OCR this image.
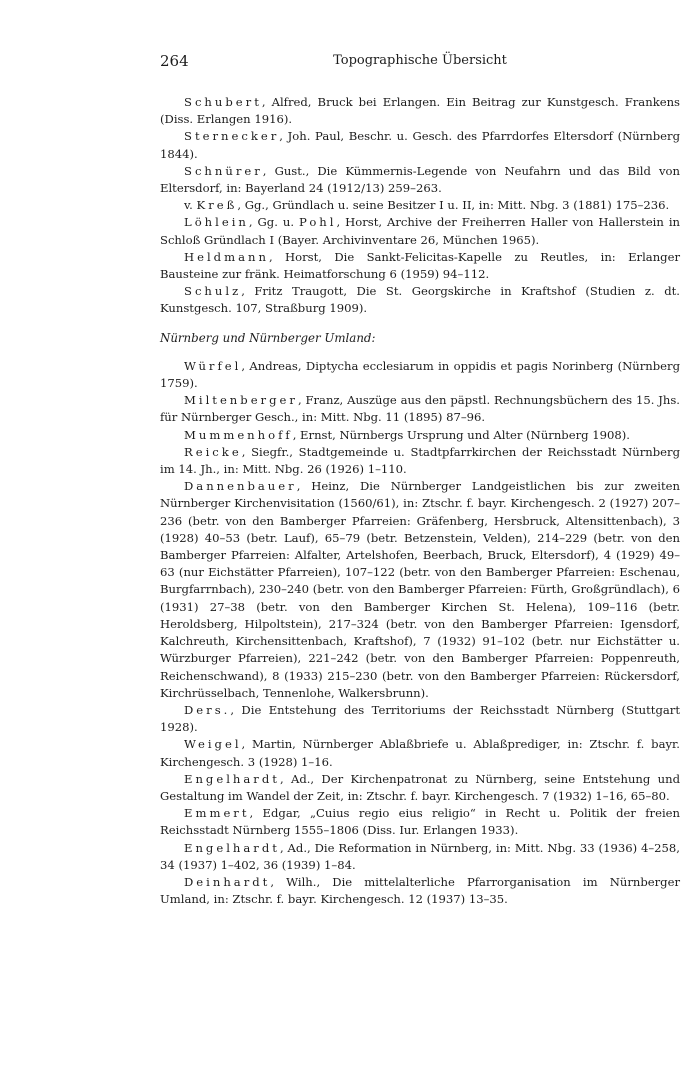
264	Topographische Übersicht

Schubert, Alfred, Bruck bei Erlangen. Ein Beitrag zur Kunstgesch. Frankens (Diss. Erlangen 1916).

Sternecker, Joh. Paul, Beschr. u. Gesch. des Pfarrdorfes Eltersdorf (Nürnberg 1844).

Schnürer, Gust., Die Kümmernis-Legende von Neufahrn und das Bild von Eltersdorf, in: Bayerland 24 (1912/13) 259–263.

v. Kreß, Gg., Gründlach u. seine Besitzer I u. II, in: Mitt. Nbg. 3 (1881) 175–236.

Löhlein, Gg. u. Pohl, Horst, Archive der Freiherren Haller von Hallerstein in Schloß Gründlach I (Bayer. Archivinventare 26, München 1965).

Heldmann, Horst, Die Sankt-Felicitas-Kapelle zu Reutles, in: Erlanger Bausteine zur fränk. Heimatforschung 6 (1959) 94–112.

Schulz, Fritz Traugott, Die St. Georgskirche in Kraftshof (Studien z. dt. Kunstgesch. 107, Straßburg 1909).

Nürnberg und Nürnberger Umland:

Würfel, Andreas, Diptycha ecclesiarum in oppidis et pagis Norinberg (Nürnberg 1759).

Miltenberger, Franz, Auszüge aus den päpstl. Rechnungsbüchern des 15. Jhs. für Nürnberger Gesch., in: Mitt. Nbg. 11 (1895) 87–96.

Mummenhoff, Ernst, Nürnbergs Ursprung und Alter (Nürnberg 1908).

Reicke, Siegfr., Stadtgemeinde u. Stadtpfarrkirchen der Reichsstadt Nürnberg im 14. Jh., in: Mitt. Nbg. 26 (1926) 1–110.

Dannenbauer, Heinz, Die Nürnberger Landgeistlichen bis zur zweiten Nürnberger Kirchenvisitation (1560/61), in: Ztschr. f. bayr. Kirchengesch. 2 (1927) 207–236 (betr. von den Bamberger Pfarreien: Gräfenberg, Hersbruck, Altensittenbach), 3 (1928) 40–53 (betr. Lauf), 65–79 (betr. Betzenstein, Velden), 214–229 (betr. von den Bamberger Pfarreien: Alfalter, Artelshofen, Beerbach, Bruck, Eltersdorf), 4 (1929) 49–63 (nur Eichstätter Pfarreien), 107–122 (betr. von den Bamberger Pfarreien: Eschenau, Burgfarrnbach), 230–240 (betr. von den Bamberger Pfarreien: Fürth, Großgründlach), 6 (1931) 27–38 (betr. von den Bamberger Kirchen St. Helena), 109–116 (betr. Heroldsberg, Hilpoltstein), 217–324 (betr. von den Bamberger Pfarreien: Igensdorf, Kalchreuth, Kirchensittenbach, Kraftshof), 7 (1932) 91–102 (betr. nur Eichstätter u. Würzburger Pfarreien), 221–242 (betr. von den Bamberger Pfarreien: Poppenreuth, Reichenschwand), 8 (1933) 215–230 (betr. von den Bamberger Pfarreien: Rückersdorf, Kirchrüsselbach, Tennenlohe, Walkersbrunn).

Ders., Die Entstehung des Territoriums der Reichsstadt Nürnberg (Stuttgart 1928).

Weigel, Martin, Nürnberger Ablaßbriefe u. Ablaßprediger, in: Ztschr. f. bayr. Kirchengesch. 3 (1928) 1–16.

Engelhardt, Ad., Der Kirchenpatronat zu Nürnberg, seine Entstehung und Gestaltung im Wandel der Zeit, in: Ztschr. f. bayr. Kirchengesch. 7 (1932) 1–16, 65–80.

Emmert, Edgar, „Cuius regio eius religio“ in Recht u. Politik der freien Reichsstadt Nürnberg 1555–1806 (Diss. Iur. Erlangen 1933).

Engelhardt, Ad., Die Reformation in Nürnberg, in: Mitt. Nbg. 33 (1936) 4–258, 34 (1937) 1–402, 36 (1939) 1–84.

Deinhardt, Wilh., Die mittelalterliche Pfarrorganisation im Nürnberger Umland, in: Ztschr. f. bayr. Kirchengesch. 12 (1937) 13–35.
